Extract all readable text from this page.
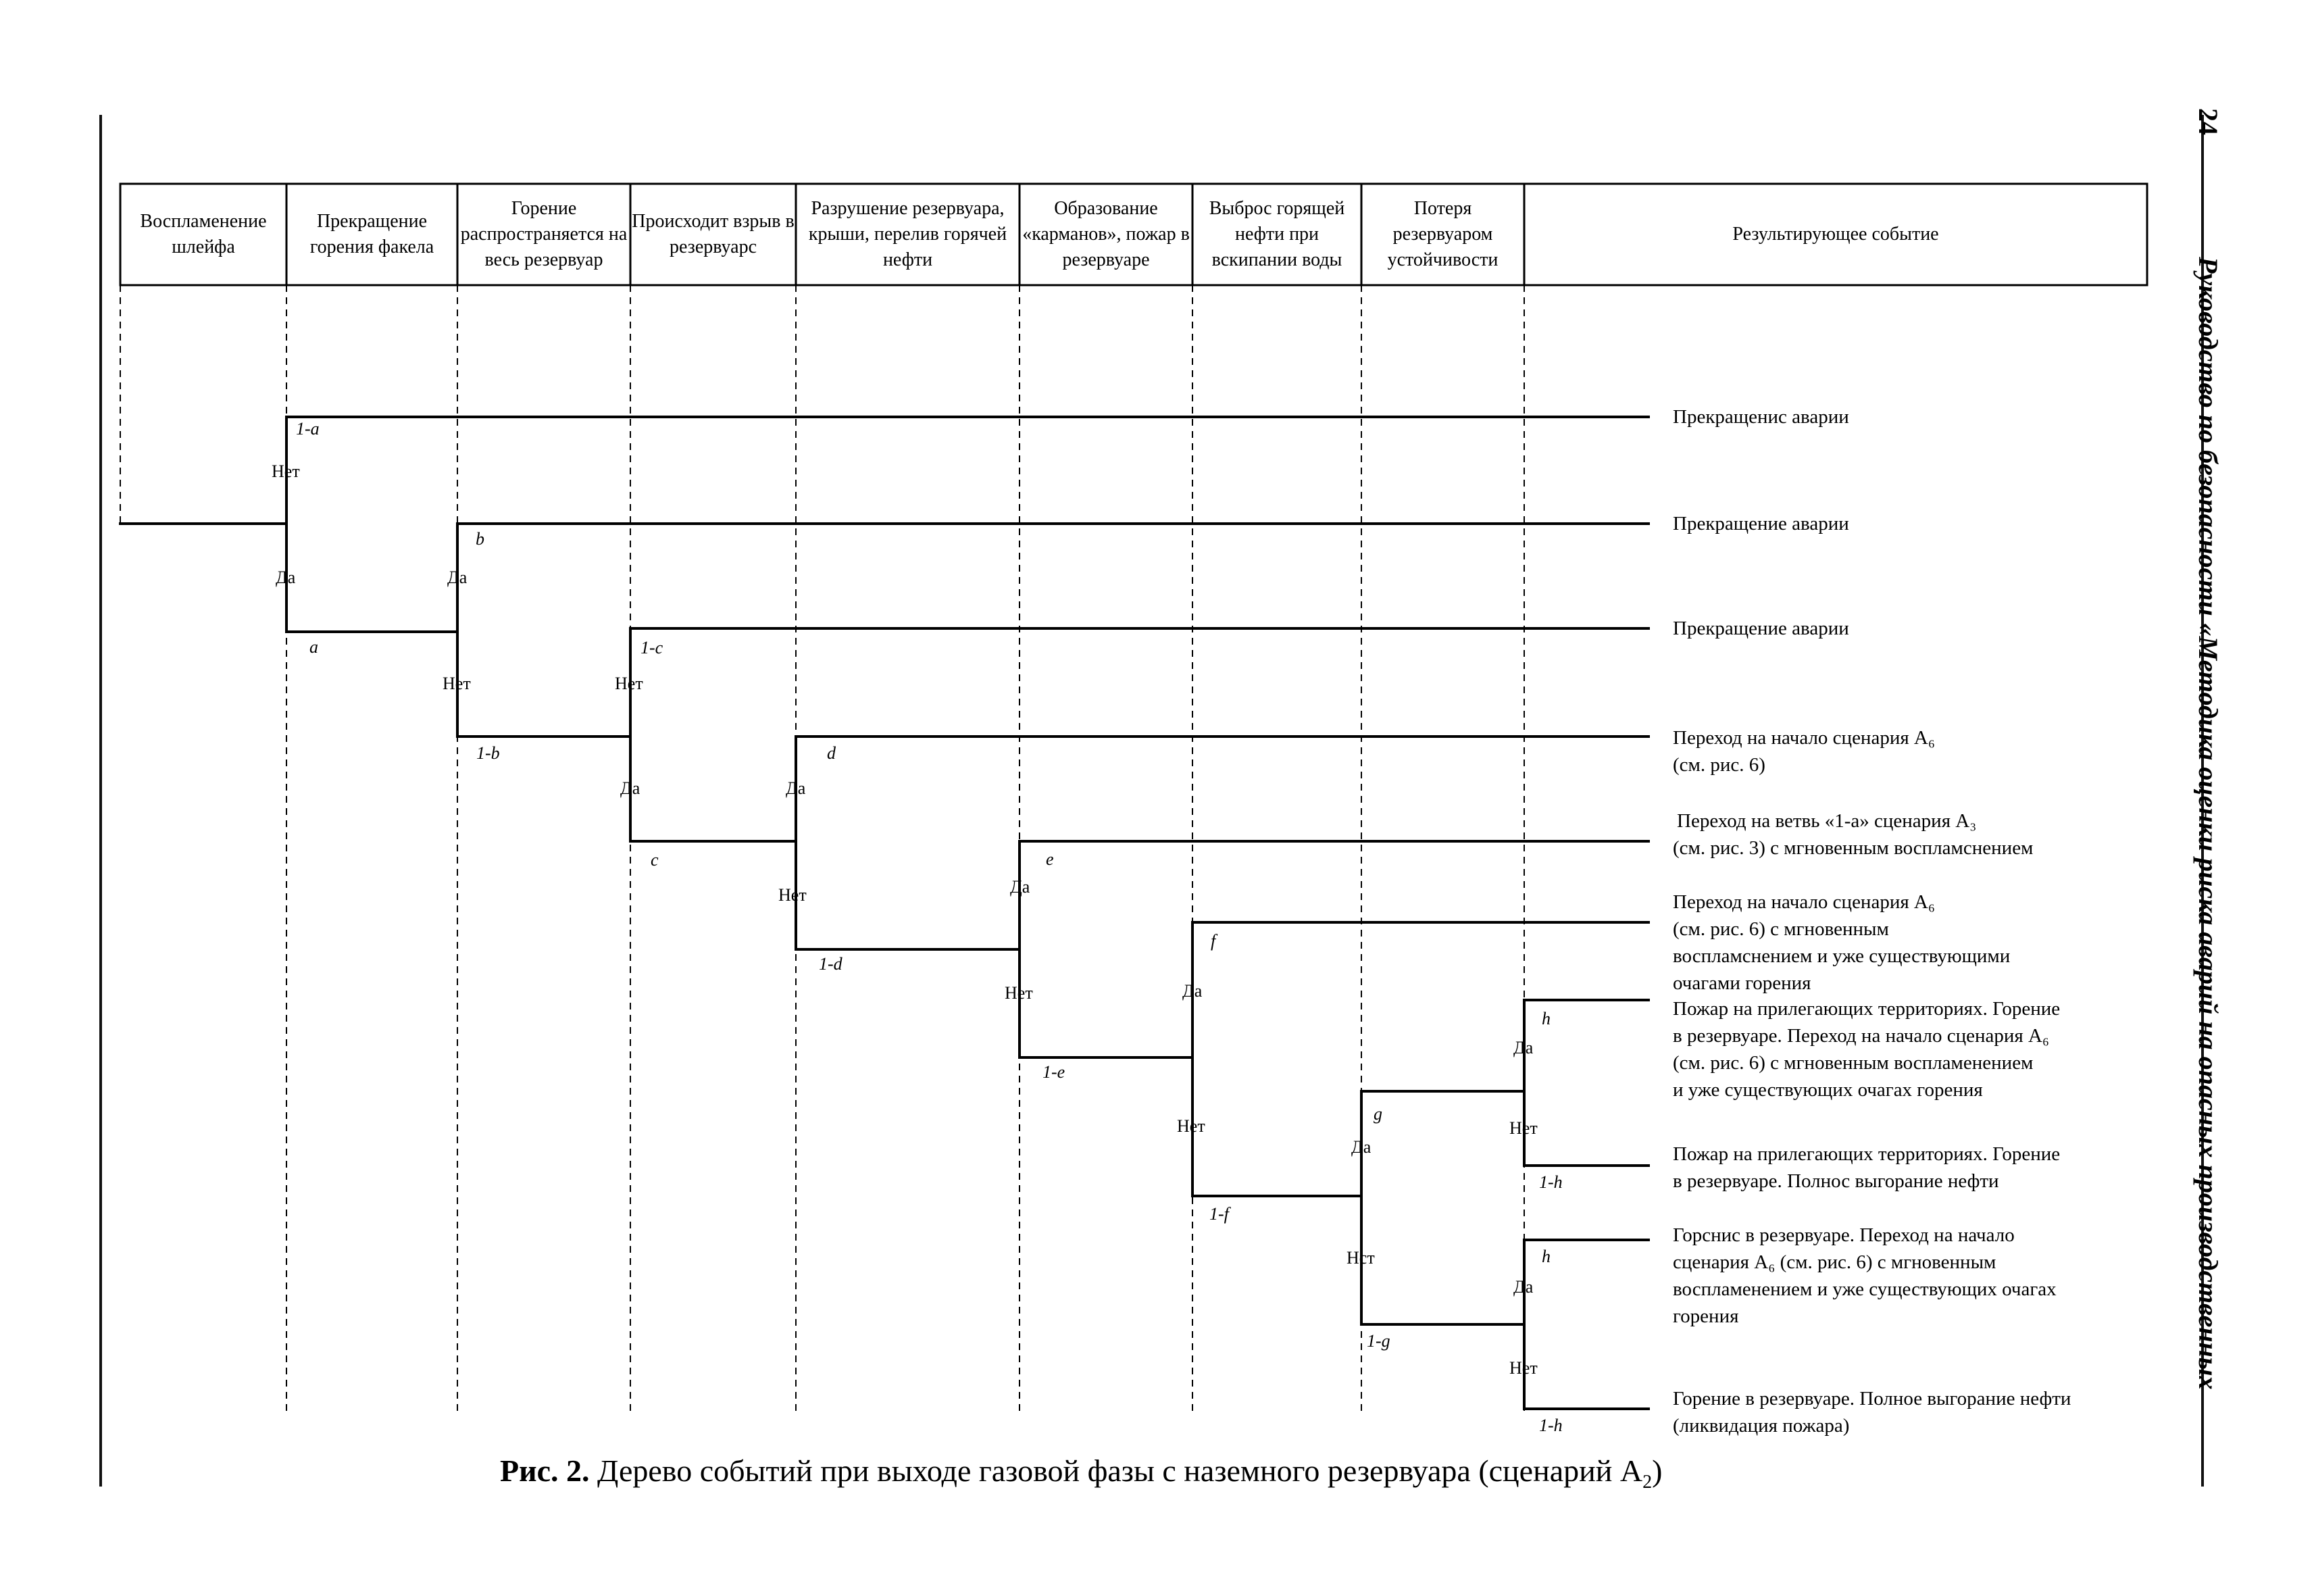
24 Руководство по безопасности «Методика оценки риска аварий на опасных производственных
Воспламенение шлейфа
Прекращение горения факела
Горение распространяется на весь резервуар
Происходит взрыв в резервуарс
Разрушение резервуара, крыши, перелив горячей нефти
Образование «карманов», пожар в резервуаре
Выброс горящей нефти при вскипании воды
Потеря резервуаром устойчивости
Результирующее событие
1-a
Нет
Да
a
b
Да
Нет
1-b
1-c
Нет
Да
c
d
Да
Нет
1-d
e
Да
Нет
1-e
f
Да
Нет
1-f
g
Да
Нст
1-g
h
Да
Нет
1-h
h
Да
Нет
1-h
Прекращенис аварии
Прекращение аварии
Прекращение аварии
Переход на начало сценария А₆
(см. рис. 6)
Переход на ветвь «1-а» сценария А₃
(см. рис. 3) с мгновенным воспламснением
Переход на начало сценария А₆
(см. рис. 6) с мгновенным
воспламснением и уже существующими
очагами горения
Пожар на прилегающих территориях. Горение
в резервуаре. Переход на начало сценария А₆
(см. рис. 6) с мгновенным воспламенением
и уже существующих очагах горения
Пожар на прилегающих территориях. Горение
в резервуаре. Полнос выгорание нефти
Горснис в резервуаре. Переход на начало
сценария А₆ (см. рис. 6) с мгновенным
воспламенением и уже существующих очагах
горения
Горение в резервуаре. Полное выгорание нефти
(ликвидация пожара)
Рис. 2. Дерево событий при выходе газовой фазы с наземного резервуара (сценарий $А_2$)
